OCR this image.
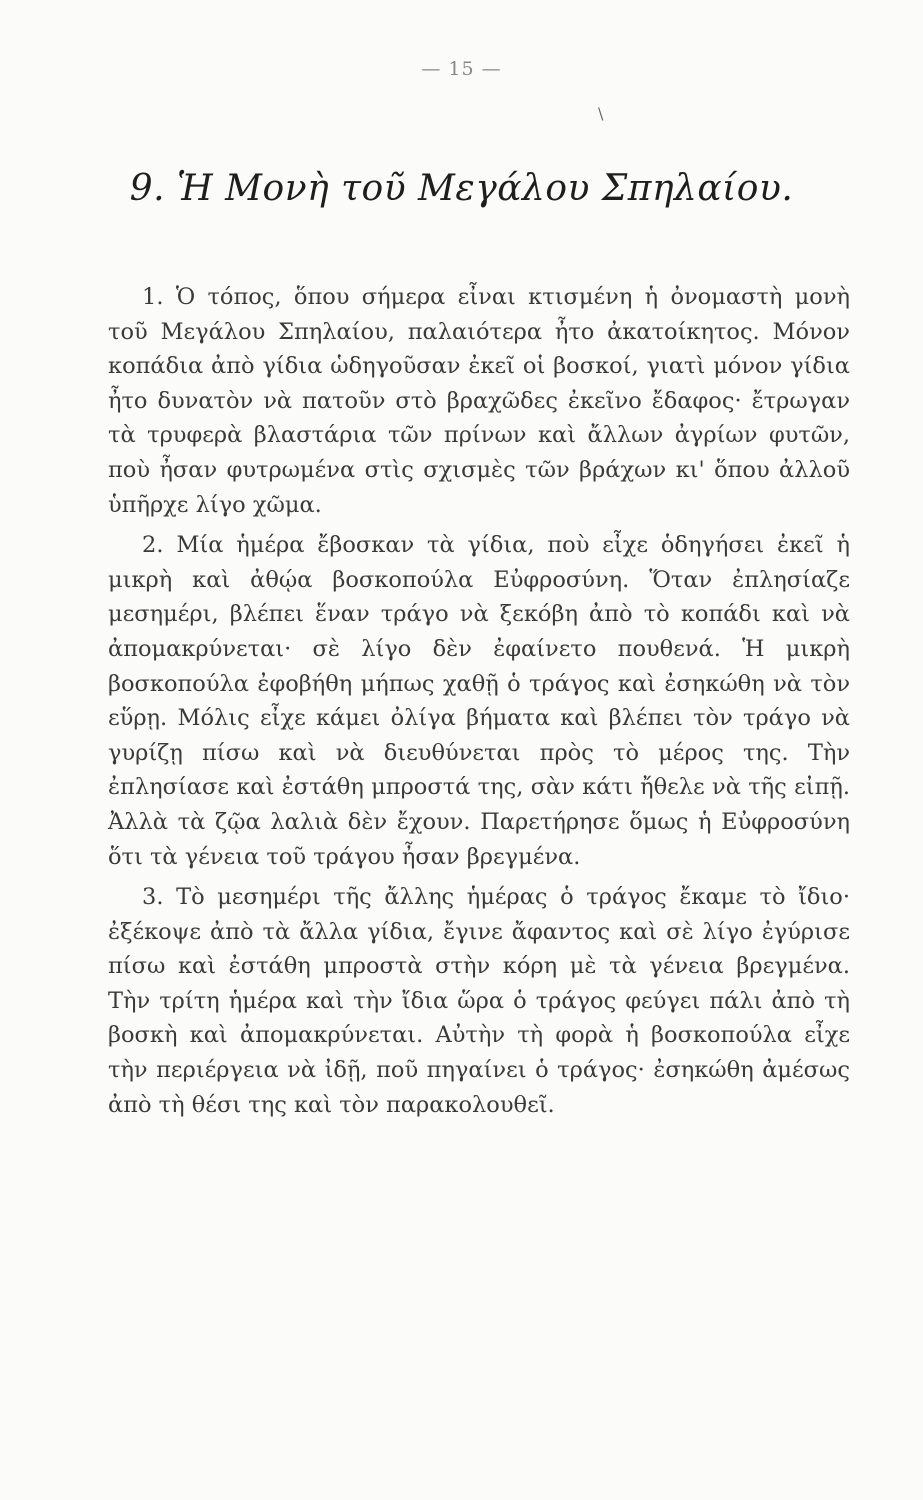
— 15 —
\
9. Ἡ Μονὴ τοῦ Μεγάλου Σπηλαίου.

1. Ὁ τόπος, ὅπου σήμερα εἶναι κτισμένη ἡ ὀνομαστὴ μονὴ τοῦ Μεγάλου Σπηλαίου, παλαιότερα ἦτο ἀκατοίκητος. Μόνον κοπάδια ἀπὸ γίδια ὡδηγοῦσαν ἐκεῖ οἱ βοσκοί, γιατὶ μόνον γίδια ἦτο δυνατὸν νὰ πατοῦν στὸ βραχῶδες ἐκεῖνο ἔδαφος· ἔτρωγαν τὰ τρυφερὰ βλαστάρια τῶν πρίνων καὶ ἄλλων ἀγρίων φυτῶν, ποὺ ἦσαν φυτρωμένα στὶς σχισμὲς τῶν βράχων κι' ὅπου ἀλλοῦ ὑπῆρχε λίγο χῶμα.

2. Μία ἡμέρα ἔβοσκαν τὰ γίδια, ποὺ εἶχε ὁδηγήσει ἐκεῖ ἡ μικρὴ καὶ ἀθῴα βοσκοπούλα Εὐφροσύνη. Ὅταν ἐπλησίαζε μεσημέρι, βλέπει ἕναν τράγο νὰ ξεκόβη ἀπὸ τὸ κοπάδι καὶ νὰ ἀπομακρύνεται· σὲ λίγο δὲν ἐφαίνετο πουθενά. Ἡ μικρὴ βοσκοπούλα ἐφοβήθη μήπως χαθῇ ὁ τράγος καὶ ἐσηκώθη νὰ τὸν εὕρῃ. Μόλις εἶχε κάμει ὀλίγα βήματα καὶ βλέπει τὸν τράγο νὰ γυρίζῃ πίσω καὶ νὰ διευθύνεται πρὸς τὸ μέρος της. Τὴν ἐπλησίασε καὶ ἐστάθη μπροστά της, σὰν κάτι ἤθελε νὰ τῆς εἰπῇ. Ἀλλὰ τὰ ζῷα λαλιὰ δὲν ἔχουν. Παρετήρησε ὅμως ἡ Εὐφροσύνη ὅτι τὰ γένεια τοῦ τράγου ἦσαν βρεγμένα.

3. Τὸ μεσημέρι τῆς ἄλλης ἡμέρας ὁ τράγος ἔκαμε τὸ ἴδιο· ἐξέκοψε ἀπὸ τὰ ἄλλα γίδια, ἔγινε ἄφαντος καὶ σὲ λίγο ἐγύρισε πίσω καὶ ἐστάθη μπροστὰ στὴν κόρη μὲ τὰ γένεια βρεγμένα. Τὴν τρίτη ἡμέρα καὶ τὴν ἴδια ὥρα ὁ τράγος φεύγει πάλι ἀπὸ τὴ βοσκὴ καὶ ἀπομακρύνεται. Αὐτὴν τὴ φορὰ ἡ βοσκοπούλα εἶχε τὴν περιέργεια νὰ ἰδῇ, ποῦ πηγαίνει ὁ τράγος· ἐσηκώθη ἀμέσως ἀπὸ τὴ θέσι της καὶ τὸν παρακολουθεῖ.
